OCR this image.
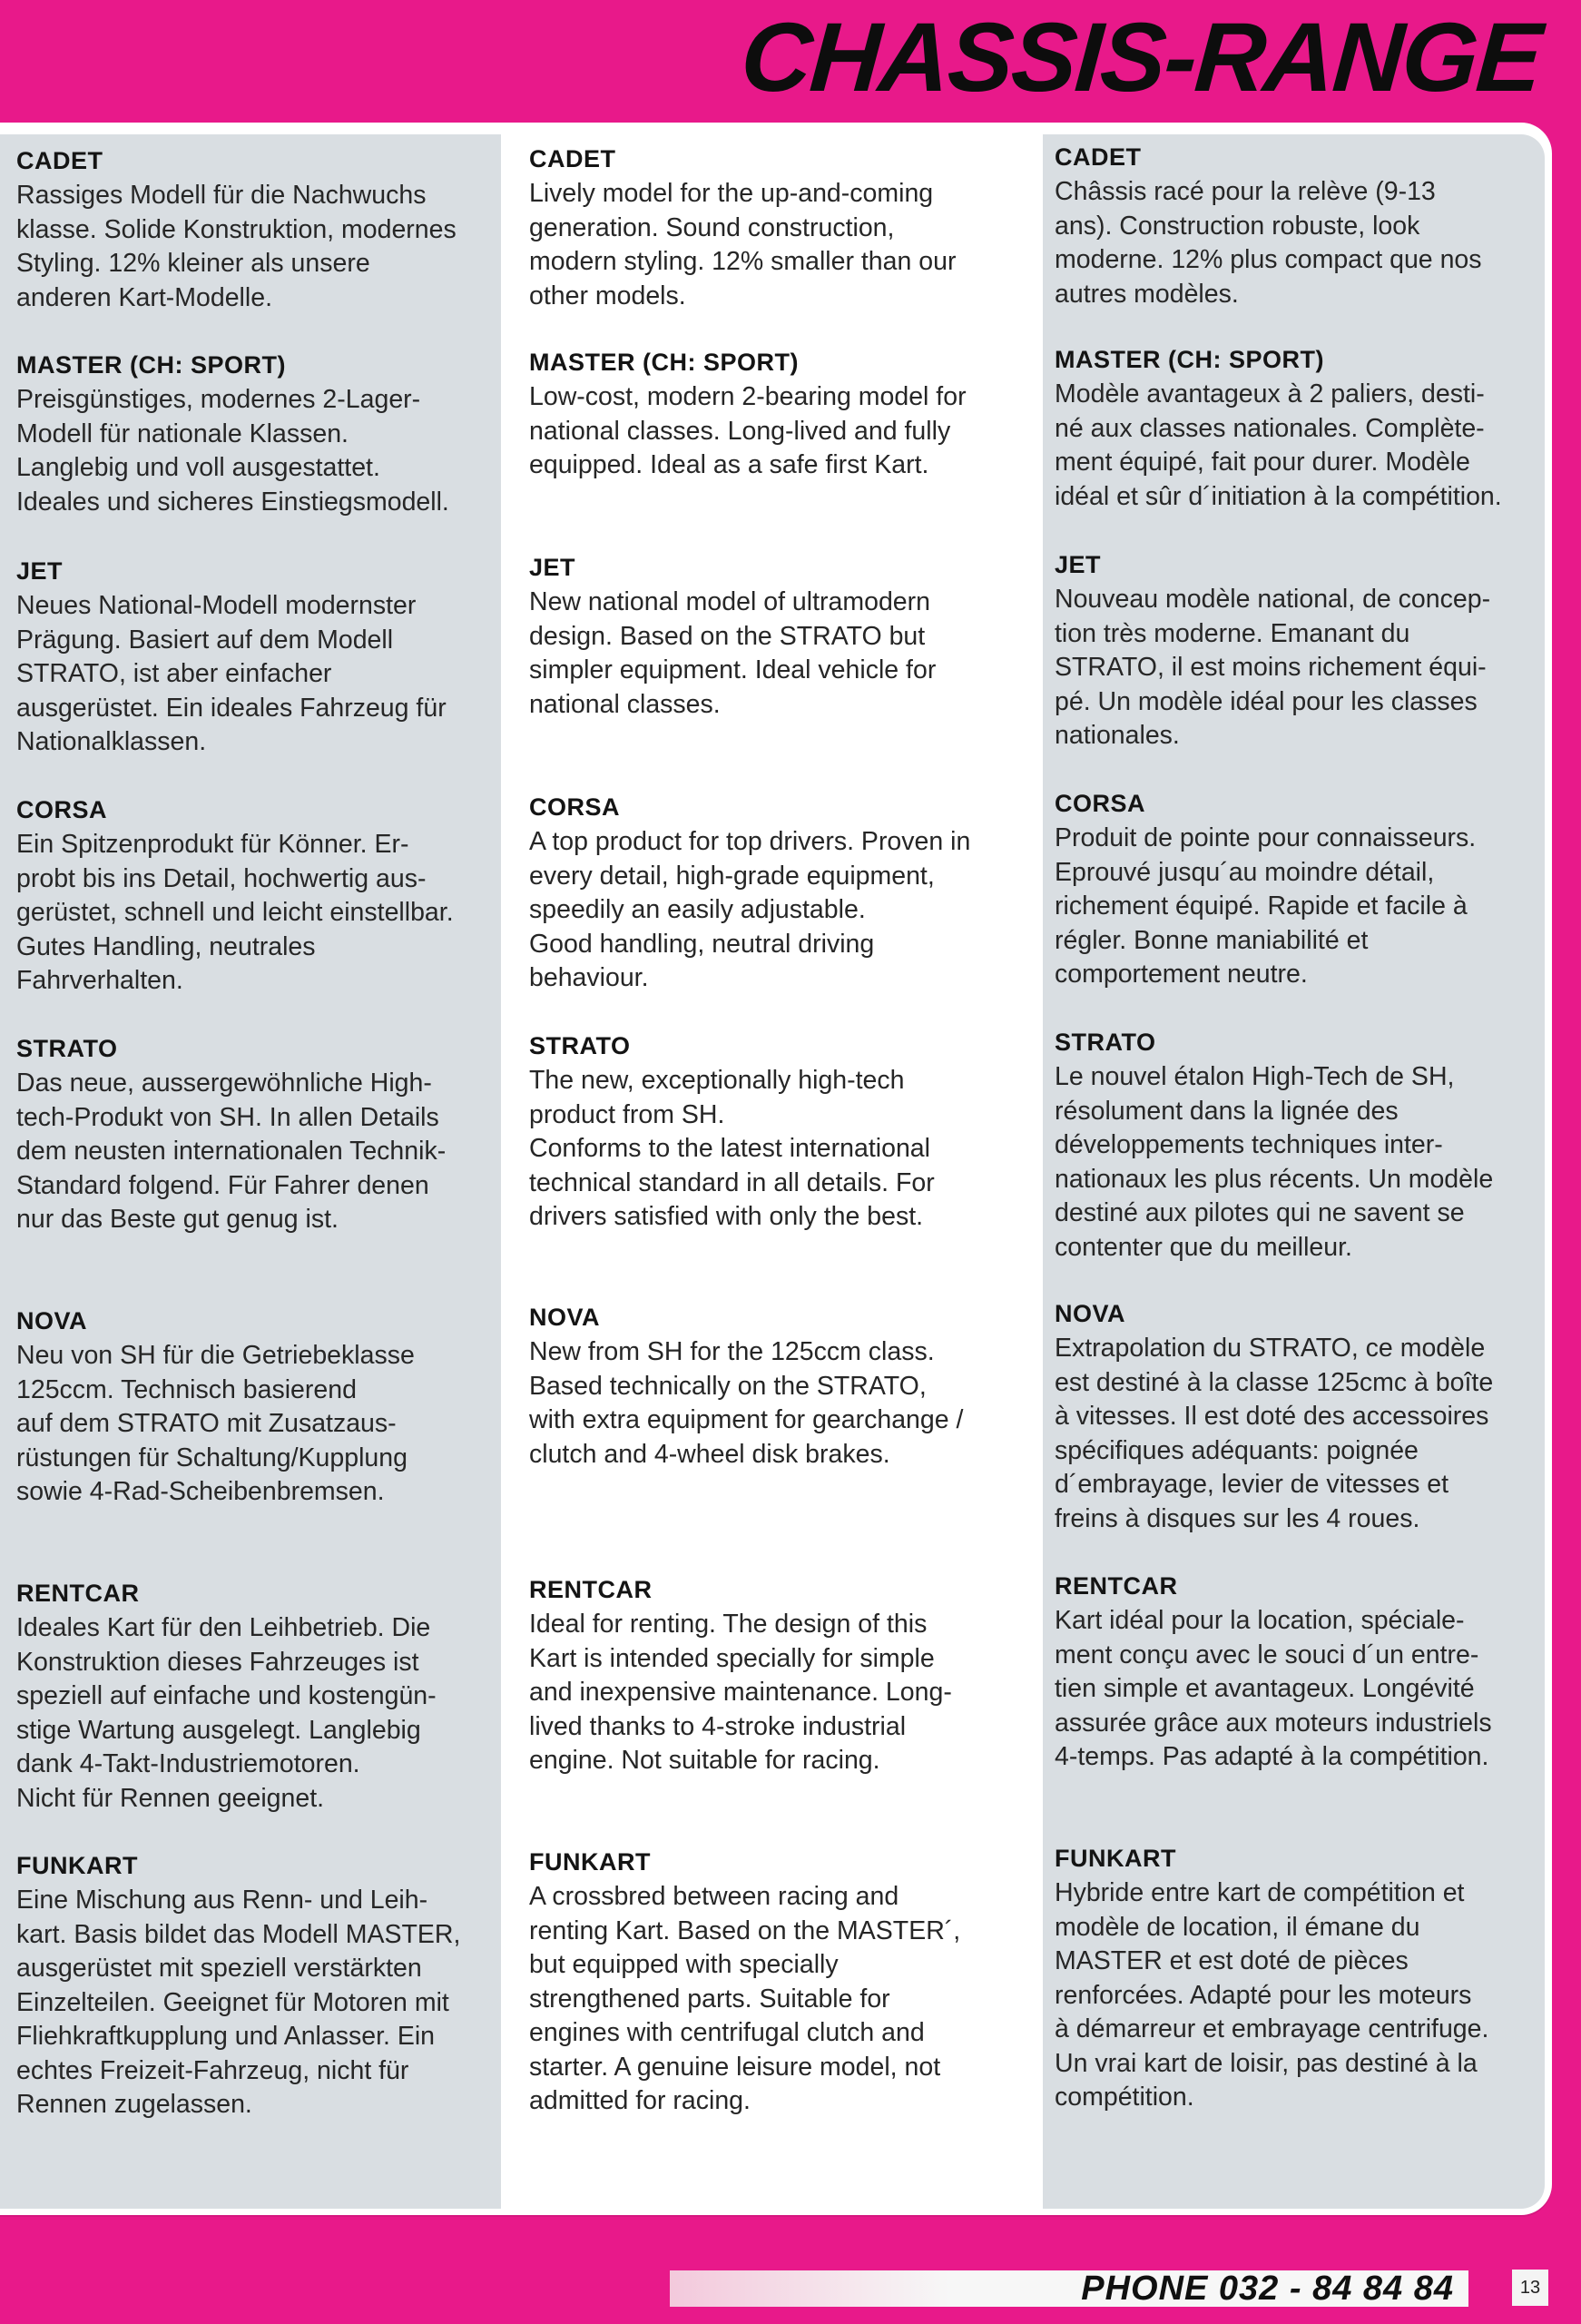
CHASSIS-RANGE
CADET

Rassiges Modell für die Nachwuchs
klasse. Solide Konstruktion, modernes
Styling. 12% kleiner als unsere
anderen Kart-Modelle.

MASTER (CH: SPORT)

Preisgünstiges, modernes 2-Lager-
Modell für nationale Klassen.
Langlebig und voll ausgestattet.
Ideales und sicheres Einstiegsmodell.

JET

Neues National-Modell modernster
Prägung. Basiert auf dem Modell
STRATO, ist aber einfacher
ausgerüstet. Ein ideales Fahrzeug für
Nationalklassen.

CORSA

Ein Spitzenprodukt für Könner. Er-
probt bis ins Detail, hochwertig aus-
gerüstet, schnell und leicht einstellbar.
Gutes Handling, neutrales
Fahrverhalten.

STRATO

Das neue, aussergewöhnliche High-
tech-Produkt von SH. In allen Details
dem neusten internationalen Technik-
Standard folgend. Für Fahrer denen
nur das Beste gut genug ist.

NOVA

Neu von SH für die Getriebeklasse
125ccm. Technisch basierend
auf dem STRATO mit Zusatzaus-
rüstungen für Schaltung/Kupplung
sowie 4-Rad-Scheibenbremsen.

RENTCAR

Ideales Kart für den Leihbetrieb. Die
Konstruktion dieses Fahrzeuges ist
speziell auf einfache und kostengün-
stige Wartung ausgelegt. Langlebig
dank 4-Takt-Industriemotoren.
Nicht für Rennen geeignet.

FUNKART

Eine Mischung aus Renn- und Leih-
kart. Basis bildet das Modell MASTER,
ausgerüstet mit speziell verstärkten
Einzelteilen. Geeignet für Motoren mit
Fliehkraftkupplung und Anlasser. Ein
echtes Freizeit-Fahrzeug, nicht für
Rennen zugelassen.

CADET

Lively model for the up-and-coming
generation. Sound construction,
modern styling. 12% smaller than our
other models.

MASTER (CH: SPORT)

Low-cost, modern 2-bearing model for
national classes. Long-lived and fully
equipped. Ideal as a safe first Kart.

JET

New national model of ultramodern
design. Based on the STRATO but
simpler equipment. Ideal vehicle for
national classes.

CORSA

A top product for top drivers. Proven in
every detail, high-grade equipment,
speedily an easily adjustable.
Good handling, neutral driving
behaviour.

STRATO

The new, exceptionally high-tech
product from SH.
Conforms to the latest international
technical standard in all details. For
drivers satisfied with only the best.

NOVA

New from SH for the 125ccm class.
Based technically on the STRATO,
with extra equipment for gearchange /
clutch and 4-wheel disk brakes.

RENTCAR

Ideal for renting. The design of this
Kart is intended specially for simple
and inexpensive maintenance. Long-
lived thanks to 4-stroke industrial
engine. Not suitable for racing.

FUNKART

A crossbred between racing and
renting Kart. Based on the MASTER´,
but equipped with specially
strengthened parts. Suitable for
engines with centrifugal clutch and
starter. A genuine leisure model, not
admitted for racing.

CADET

Châssis racé pour la relève (9-13
ans). Construction robuste, look
moderne. 12% plus compact que nos
autres modèles.

MASTER (CH: SPORT)

Modèle avantageux à 2 paliers, desti-
né aux classes nationales. Complète-
ment équipé, fait pour durer. Modèle
idéal et sûr d´initiation à la compétition.

JET

Nouveau modèle national, de concep-
tion très moderne. Emanant du
STRATO, il est moins richement équi-
pé. Un modèle idéal pour les classes
nationales.

CORSA

Produit de pointe pour connaisseurs.
Eprouvé jusqu´au moindre détail,
richement équipé. Rapide et facile à
régler. Bonne maniabilité et
comportement neutre.

STRATO

Le nouvel étalon High-Tech de SH,
résolument dans la lignée des
développements techniques inter-
nationaux les plus récents. Un modèle
destiné aux pilotes qui ne savent se
contenter que du meilleur.

NOVA

Extrapolation du STRATO, ce modèle
est destiné à la classe 125cmc à boîte
à vitesses. Il est doté des accessoires
spécifiques adéquants: poignée
d´embrayage, levier de vitesses et
freins à disques sur les 4 roues.

RENTCAR

Kart idéal pour la location, spéciale-
ment conçu avec le souci d´un entre-
tien simple et avantageux. Longévité
assurée grâce aux moteurs industriels
4-temps. Pas adapté à la compétition.

FUNKART

Hybride entre kart de compétition et
modèle de location, il émane du
MASTER et est doté de pièces
renforcées. Adapté pour les moteurs
à démarreur et embrayage centrifuge.
Un vrai kart de loisir, pas destiné à la
compétition.

PHONE 032 - 84 84 84	13
